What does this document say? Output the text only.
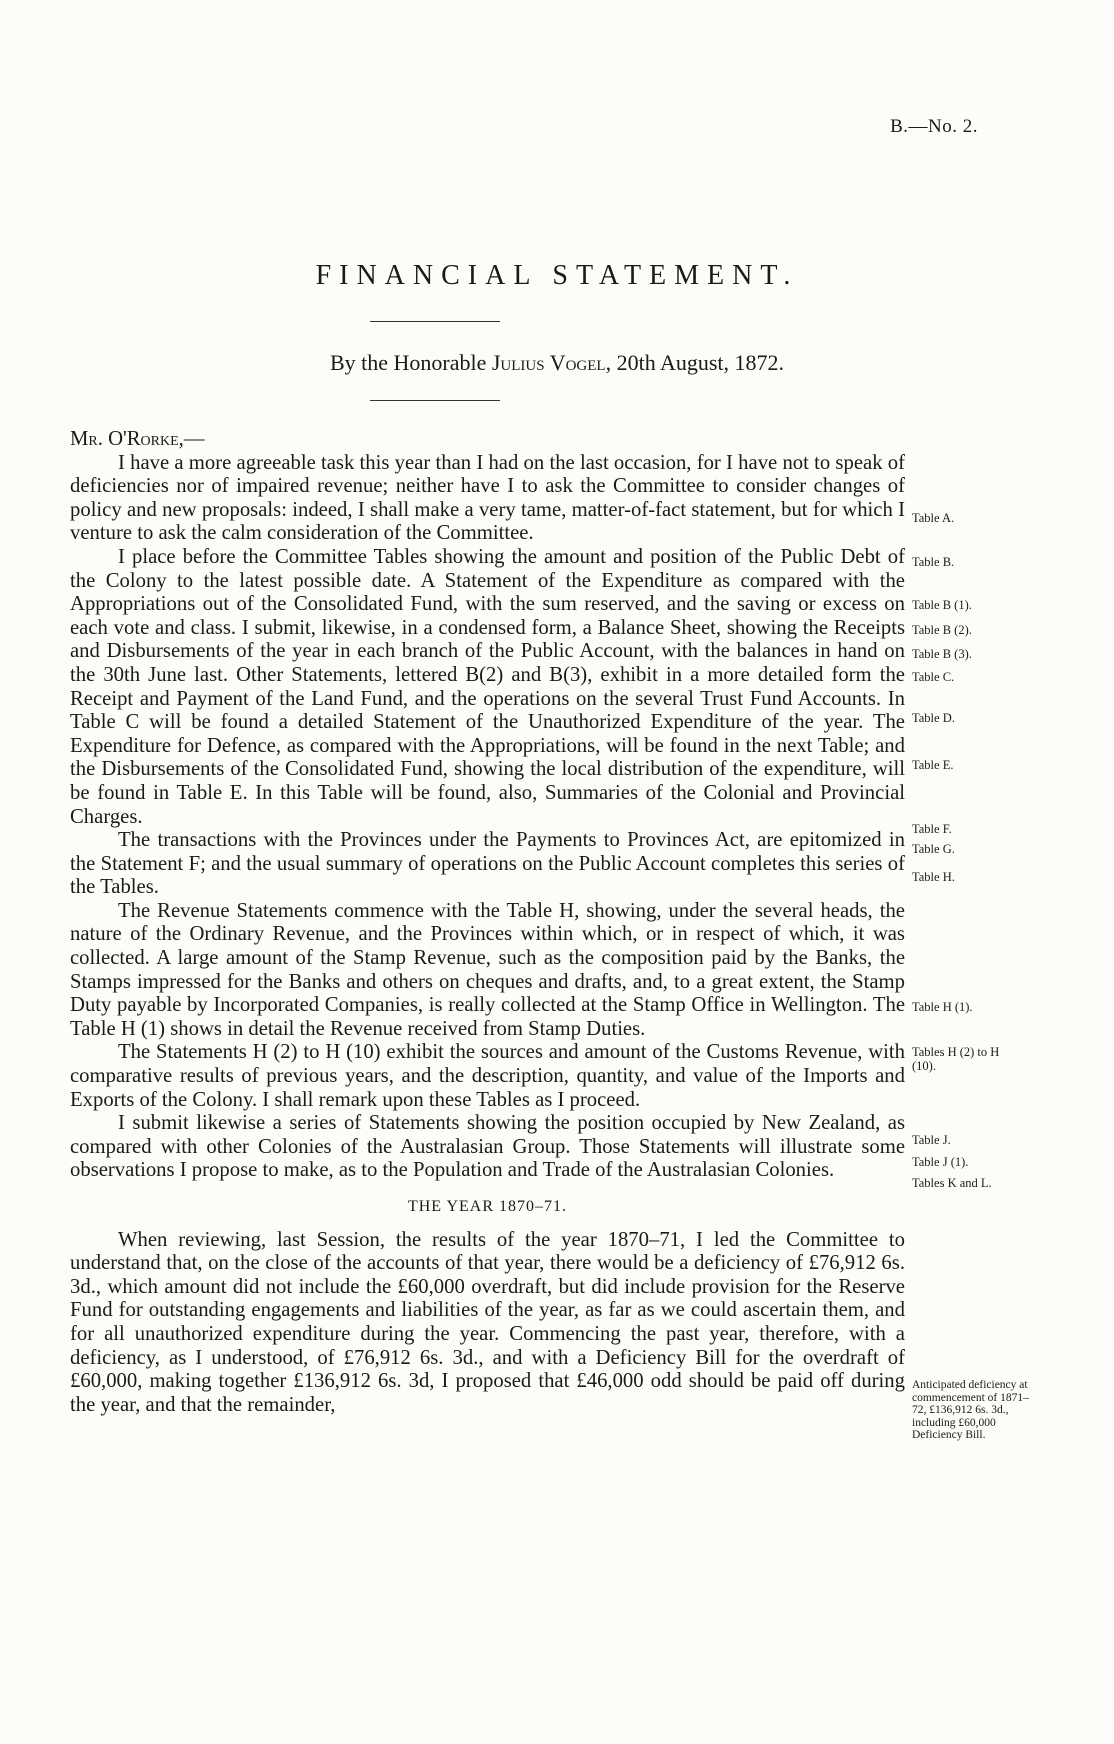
B.—No. 2.
FINANCIAL STATEMENT.
By the Honorable Julius Vogel, 20th August, 1872.

Mr. O'Rorke,—

I have a more agreeable task this year than I had on the last occasion, for I have not to speak of deficiencies nor of impaired revenue; neither have I to ask the Committee to consider changes of policy and new proposals: indeed, I shall make a very tame, matter-of-fact statement, but for which I venture to ask the calm consideration of the Committee.

I place before the Committee Tables showing the amount and position of the Public Debt of the Colony to the latest possible date. A Statement of the Expenditure as compared with the Appropriations out of the Consolidated Fund, with the sum reserved, and the saving or excess on each vote and class. I submit, likewise, in a condensed form, a Balance Sheet, showing the Receipts and Disbursements of the year in each branch of the Public Account, with the balances in hand on the 30th June last. Other Statements, lettered B(2) and B(3), exhibit in a more detailed form the Receipt and Payment of the Land Fund, and the operations on the several Trust Fund Accounts. In Table C will be found a detailed Statement of the Unauthorized Expenditure of the year. The Expenditure for Defence, as compared with the Appropriations, will be found in the next Table; and the Disbursements of the Consolidated Fund, showing the local distribution of the expenditure, will be found in Table E. In this Table will be found, also, Summaries of the Colonial and Provincial Charges.

The transactions with the Provinces under the Payments to Provinces Act, are epitomized in the Statement F; and the usual summary of operations on the Public Account completes this series of the Tables.

The Revenue Statements commence with the Table H, showing, under the several heads, the nature of the Ordinary Revenue, and the Provinces within which, or in respect of which, it was collected. A large amount of the Stamp Revenue, such as the composition paid by the Banks, the Stamps impressed for the Banks and others on cheques and drafts, and, to a great extent, the Stamp Duty payable by Incorporated Companies, is really collected at the Stamp Office in Wellington. The Table H (1) shows in detail the Revenue received from Stamp Duties.

The Statements H (2) to H (10) exhibit the sources and amount of the Customs Revenue, with comparative results of previous years, and the description, quantity, and value of the Imports and Exports of the Colony. I shall remark upon these Tables as I proceed.

I submit likewise a series of Statements showing the position occupied by New Zealand, as compared with other Colonies of the Australasian Group. Those Statements will illustrate some observations I propose to make, as to the Population and Trade of the Australasian Colonies.

THE YEAR 1870–71.

When reviewing, last Session, the results of the year 1870–71, I led the Committee to understand that, on the close of the accounts of that year, there would be a deficiency of £76,912 6s. 3d., which amount did not include the £60,000 overdraft, but did include provision for the Reserve Fund for outstanding engagements and liabilities of the year, as far as we could ascertain them, and for all unauthorized expenditure during the year. Commencing the past year, therefore, with a deficiency, as I understood, of £76,912 6s. 3d., and with a Deficiency Bill for the overdraft of £60,000, making together £136,912 6s. 3d, I proposed that £46,000 odd should be paid off during the year, and that the remainder,

Table A.
Table B.
Table B (1).
Table B (2).
Table B (3).
Table C.
Table D.
Table E.
Table F.
Table G.
Table H.
Table H (1).
Tables H (2) to H (10).
Table J.
Table J (1).
Tables K and L.
Anticipated deficiency at commencement of 1871–72, £136,912 6s. 3d., including £60,000 Deficiency Bill.
